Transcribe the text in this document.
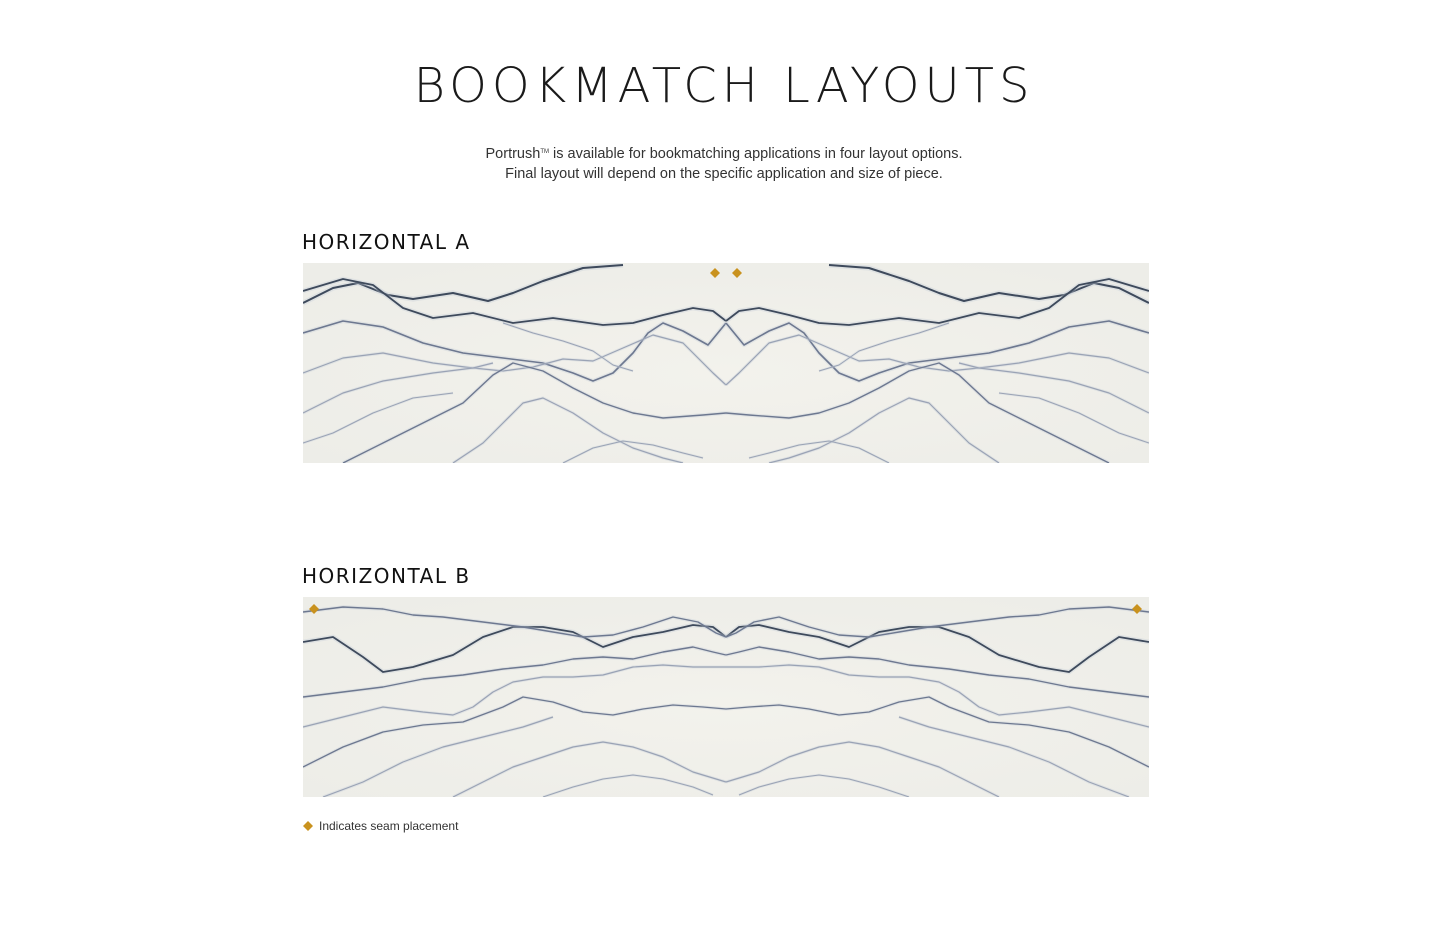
BOOKMATCH LAYOUTS
Portrush™ is available for bookmatching applications in four layout options.
Final layout will depend on the specific application and size of piece.
HORIZONTAL A
HORIZONTAL B
Indicates seam placement
